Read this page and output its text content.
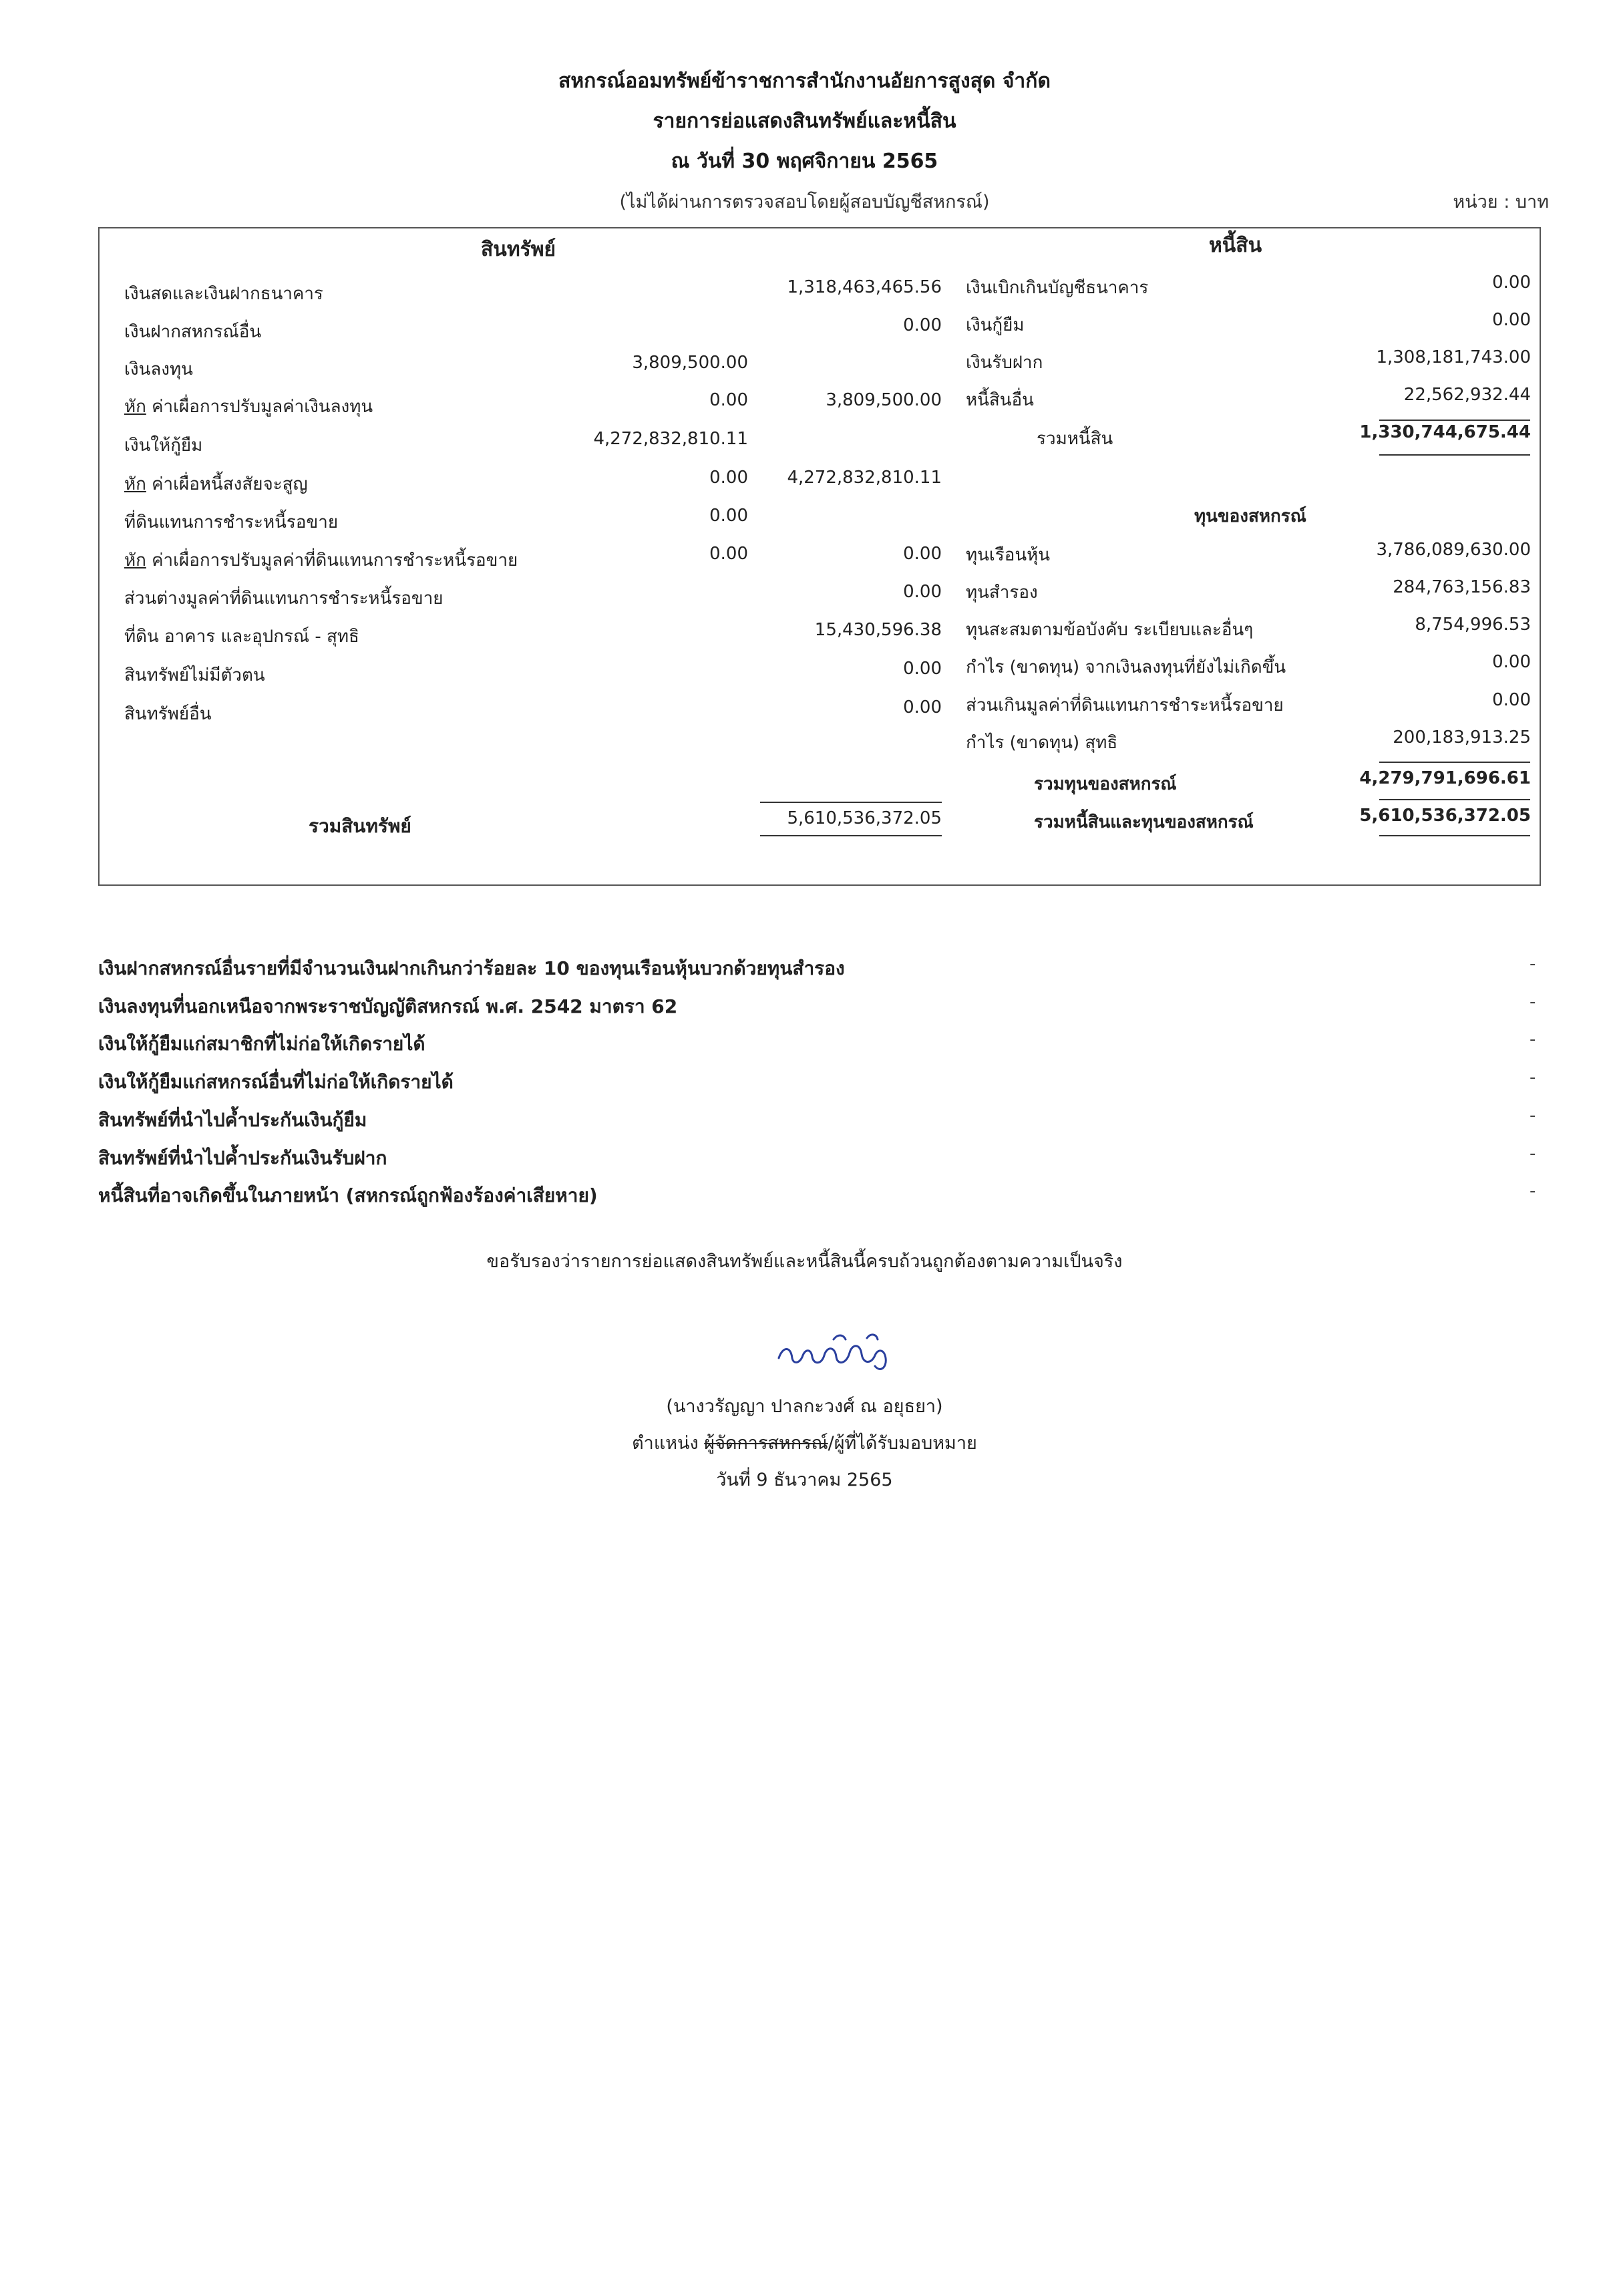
สหกรณ์ออมทรัพย์ข้าราชการสำนักงานอัยการสูงสุด จำกัด
รายการย่อแสดงสินทรัพย์และหนี้สิน
ณ วันที่ 30 พฤศจิกายน 2565
(ไม่ได้ผ่านการตรวจสอบโดยผู้สอบบัญชีสหกรณ์)	หน่วย : บาท
สินทรัพย์	หนี้สิน
เงินสดและเงินฝากธนาคาร	1,318,463,465.56
เงินฝากสหกรณ์อื่น	0.00
เงินลงทุน	3,809,500.00
หัก ค่าเผื่อการปรับมูลค่าเงินลงทุน	0.00	3,809,500.00
เงินให้กู้ยืม	4,272,832,810.11
หัก ค่าเผื่อหนี้สงสัยจะสูญ	0.00	4,272,832,810.11
ที่ดินแทนการชำระหนี้รอขาย	0.00
หัก ค่าเผื่อการปรับมูลค่าที่ดินแทนการชำระหนี้รอขาย	0.00	0.00
ส่วนต่างมูลค่าที่ดินแทนการชำระหนี้รอขาย	0.00
ที่ดิน อาคาร และอุปกรณ์ - สุทธิ	15,430,596.38
สินทรัพย์ไม่มีตัวตน	0.00
สินทรัพย์อื่น	0.00
รวมสินทรัพย์	5,610,536,372.05
เงินเบิกเกินบัญชีธนาคาร	0.00
เงินกู้ยืม	0.00
เงินรับฝาก	1,308,181,743.00
หนี้สินอื่น	22,562,932.44
รวมหนี้สิน	1,330,744,675.44
ทุนของสหกรณ์
ทุนเรือนหุ้น	3,786,089,630.00
ทุนสำรอง	284,763,156.83
ทุนสะสมตามข้อบังคับ ระเบียบและอื่นๆ	8,754,996.53
กำไร (ขาดทุน) จากเงินลงทุนที่ยังไม่เกิดขึ้น	0.00
ส่วนเกินมูลค่าที่ดินแทนการชำระหนี้รอขาย	0.00
กำไร (ขาดทุน) สุทธิ	200,183,913.25
รวมทุนของสหกรณ์	4,279,791,696.61
รวมหนี้สินและทุนของสหกรณ์	5,610,536,372.05
เงินฝากสหกรณ์อื่นรายที่มีจำนวนเงินฝากเกินกว่าร้อยละ 10 ของทุนเรือนหุ้นบวกด้วยทุนสำรอง	-
เงินลงทุนที่นอกเหนือจากพระราชบัญญัติสหกรณ์ พ.ศ. 2542 มาตรา 62	-
เงินให้กู้ยืมแก่สมาชิกที่ไม่ก่อให้เกิดรายได้	-
เงินให้กู้ยืมแก่สหกรณ์อื่นที่ไม่ก่อให้เกิดรายได้	-
สินทรัพย์ที่นำไปค้ำประกันเงินกู้ยืม	-
สินทรัพย์ที่นำไปค้ำประกันเงินรับฝาก	-
หนี้สินที่อาจเกิดขึ้นในภายหน้า (สหกรณ์ถูกฟ้องร้องค่าเสียหาย)	-
ขอรับรองว่ารายการย่อแสดงสินทรัพย์และหนี้สินนี้ครบถ้วนถูกต้องตามความเป็นจริง
(นางวรัญญา ปาลกะวงศ์ ณ อยุธยา)
ตำแหน่ง ผู้จัดการสหกรณ์/ผู้ที่ได้รับมอบหมาย
วันที่ 9 ธันวาคม 2565
